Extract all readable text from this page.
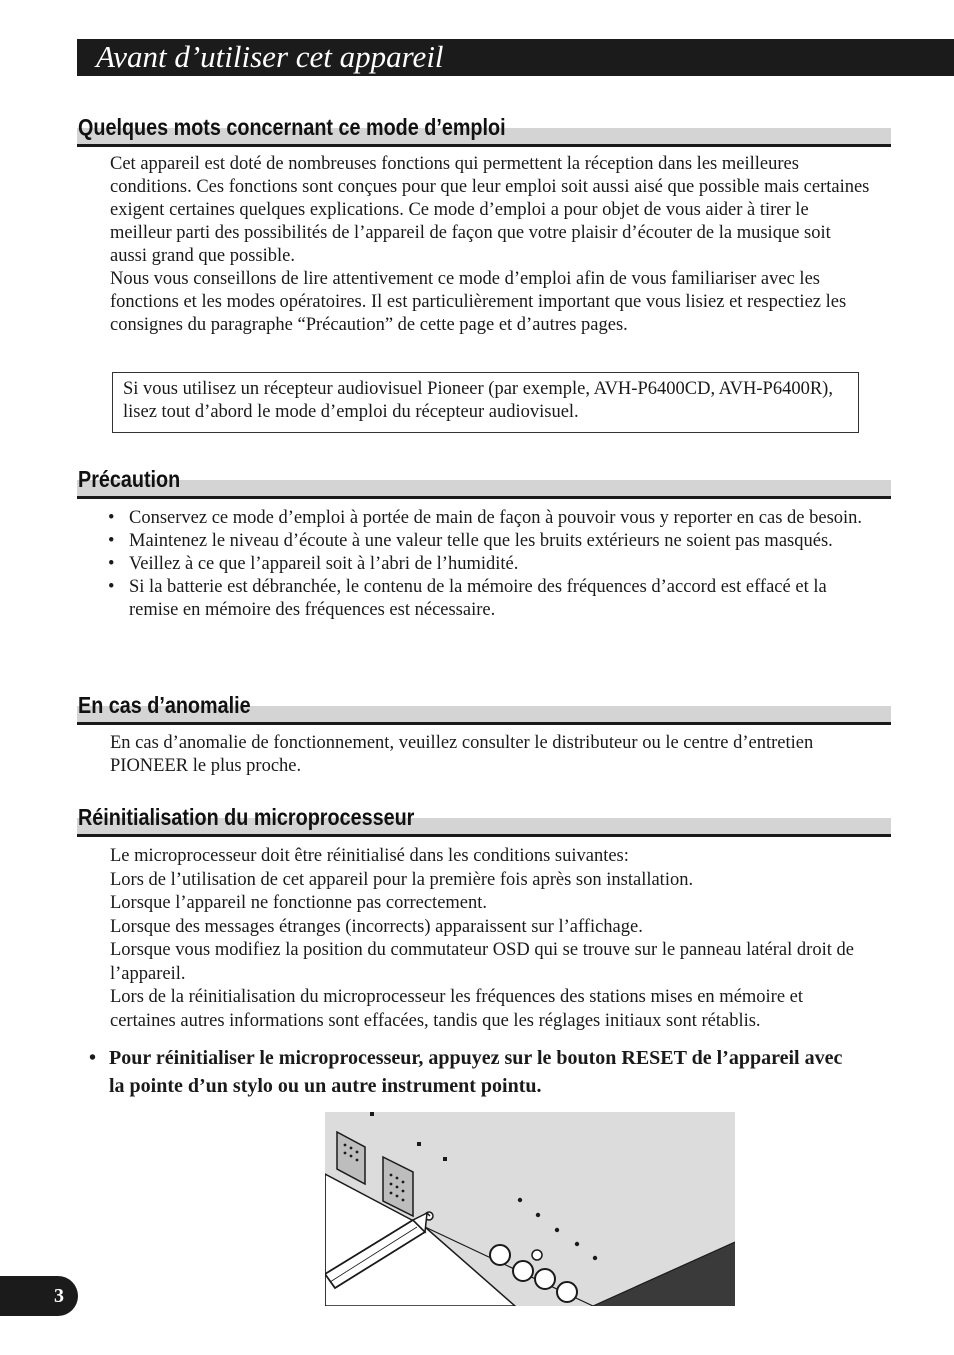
Avant d’utiliser cet appareil
Quelques mots concernant ce mode d’emploi

Cet appareil est doté de nombreuses fonctions qui permettent la réception dans les meilleures conditions. Ces fonctions sont conçues pour que leur emploi soit aussi aisé que possible mais certaines exigent certaines quelques explications. Ce mode d’emploi a pour objet de vous aider à tirer le meilleur parti des possibilités de l’appareil de façon que votre plaisir d’écouter de la musique soit aussi grand que possible.

Nous vous conseillons de lire attentivement ce mode d’emploi afin de vous familiariser avec les fonctions et les modes opératoires. Il est particulièrement important que vous lisiez et respectiez les consignes du paragraphe “Précaution” de cette page et d’autres pages.

Si vous utilisez un récepteur audiovisuel Pioneer (par exemple, AVH-P6400CD, AVH-P6400R), lisez tout d’abord le mode d’emploi du récepteur audiovisuel.
Précaution
• Conservez ce mode d’emploi à portée de main de façon à pouvoir vous y reporter en cas de besoin.
• Maintenez le niveau d’écoute à une valeur telle que les bruits extérieurs ne soient pas masqués.
• Veillez à ce que l’appareil soit à l’abri de l’humidité.
• Si la batterie est débranchée, le contenu de la mémoire des fréquences d’accord est effacé et la remise en mémoire des fréquences est nécessaire.
En cas d’anomalie
En cas d’anomalie de fonctionnement, veuillez consulter le distributeur ou le centre d’entretien PIONEER le plus proche.
Réinitialisation du microprocesseur

Le microprocesseur doit être réinitialisé dans les conditions suivantes:

Lors de l’utilisation de cet appareil pour la première fois après son installation.

Lorsque l’appareil ne fonctionne pas correctement.

Lorsque des messages étranges (incorrects) apparaissent sur l’affichage.

Lorsque vous modifiez la position du commutateur OSD qui se trouve sur le panneau latéral droit de l’appareil.

Lors de la réinitialisation du microprocesseur les fréquences des stations mises en mémoire et certaines autres informations sont effacées, tandis que les réglages initiaux sont rétablis.

• Pour réinitialiser le microprocesseur, appuyez sur le bouton RESET de l’appareil avec la pointe d’un stylo ou un autre instrument pointu.
3
